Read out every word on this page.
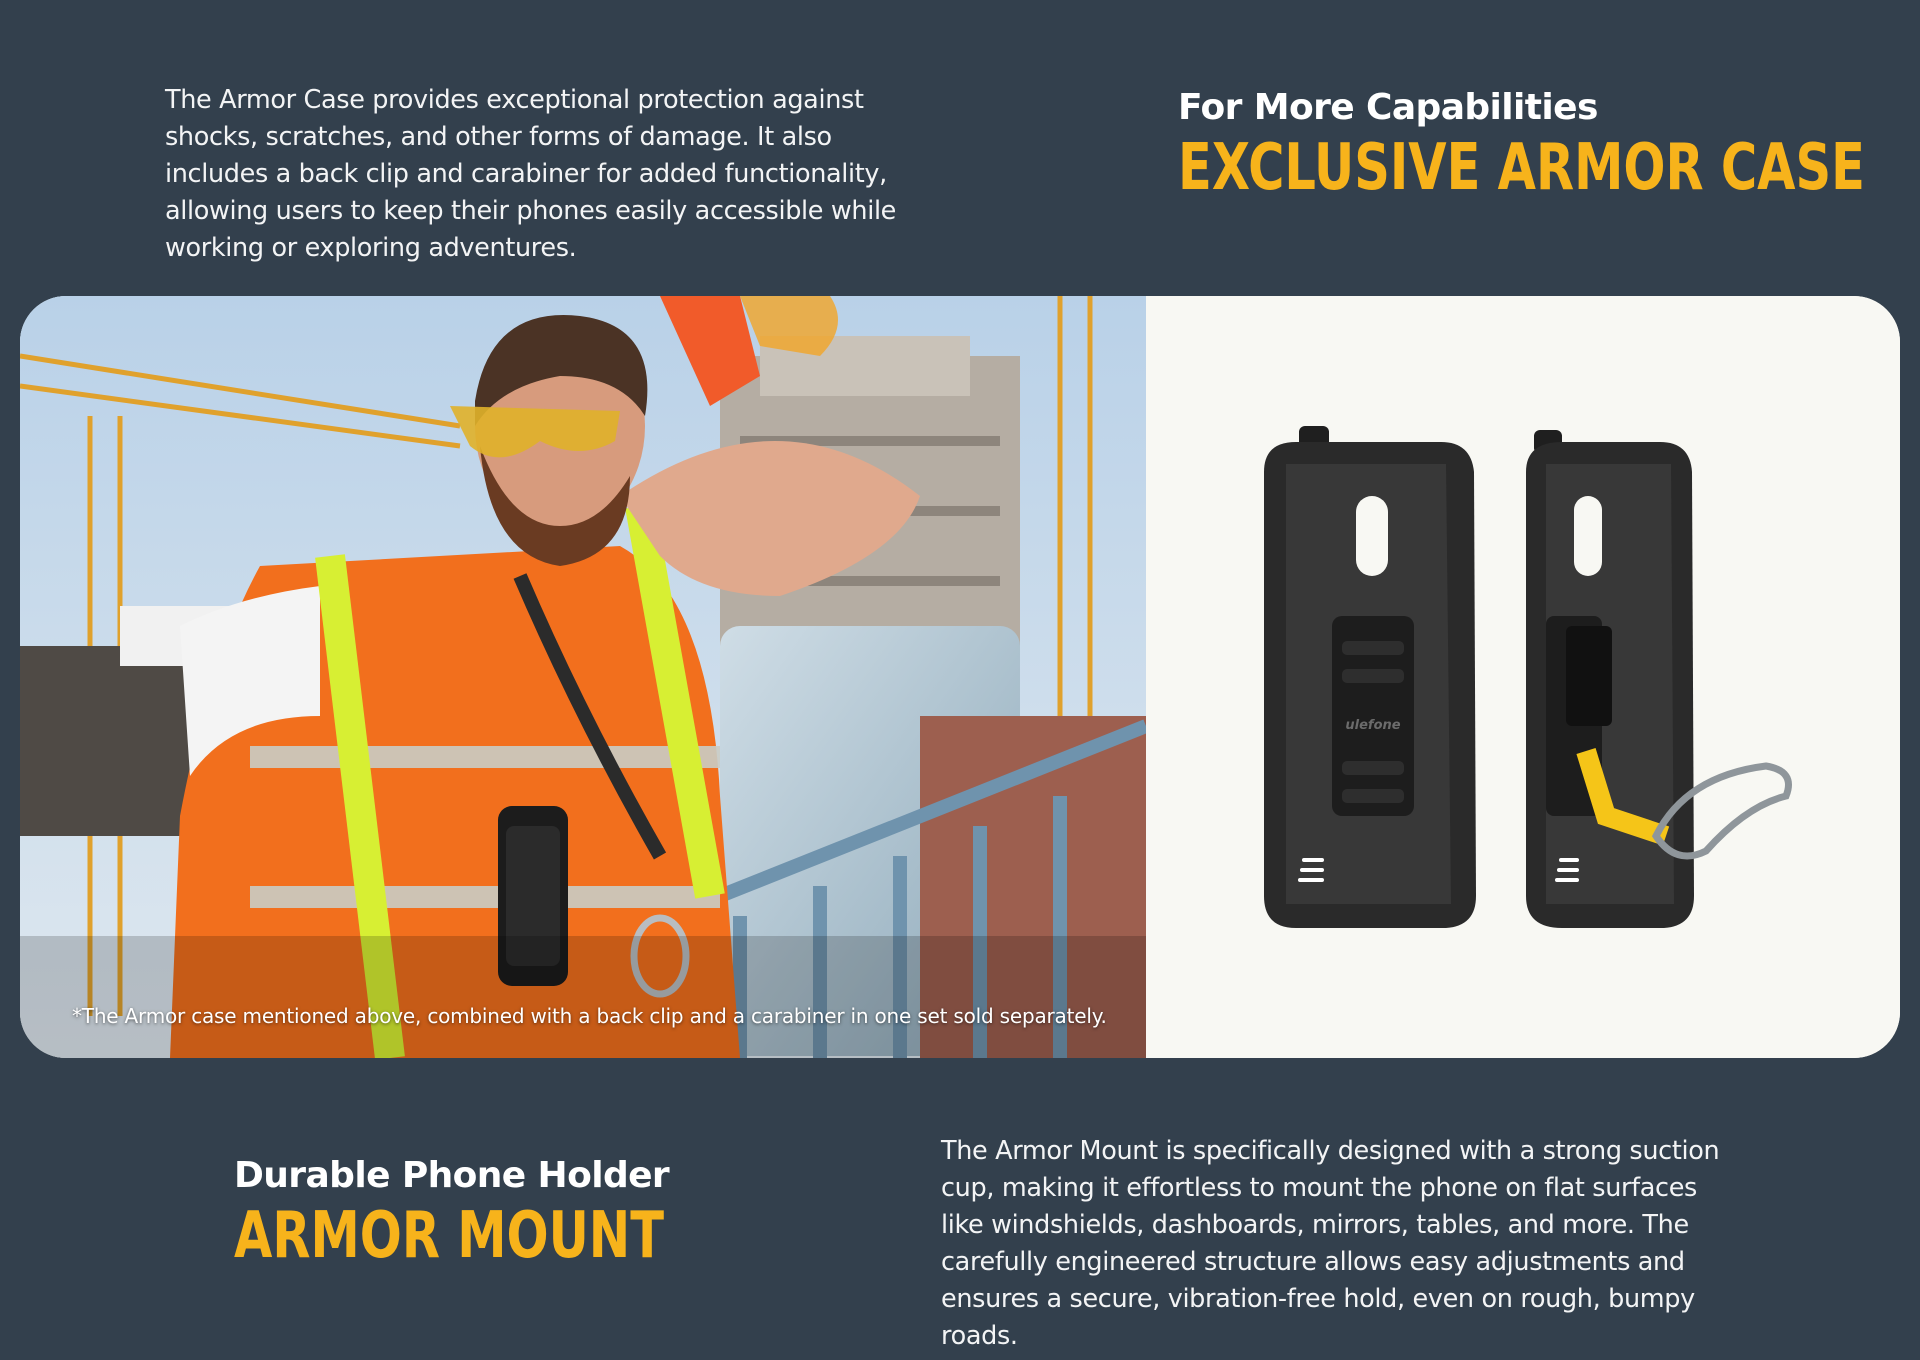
The Armor Case provides exceptional protection against shocks, scratches, and other forms of damage. It also includes a back clip and carabiner for added functionality, allowing users to keep their phones easily accessible while working or exploring adventures.

For More Capabilities
EXCLUSIVE ARMOR CASE

*The Armor case mentioned above, combined with a back clip and a carabiner in one set sold separately.

ulefone
Durable Phone Holder
ARMOR MOUNT

The Armor Mount is specifically designed with a strong suction cup, making it effortless to mount the phone on flat surfaces like windshields, dashboards, mirrors, tables, and more. The carefully engineered structure allows easy adjustments and ensures a secure, vibration-free hold, even on rough, bumpy roads.
